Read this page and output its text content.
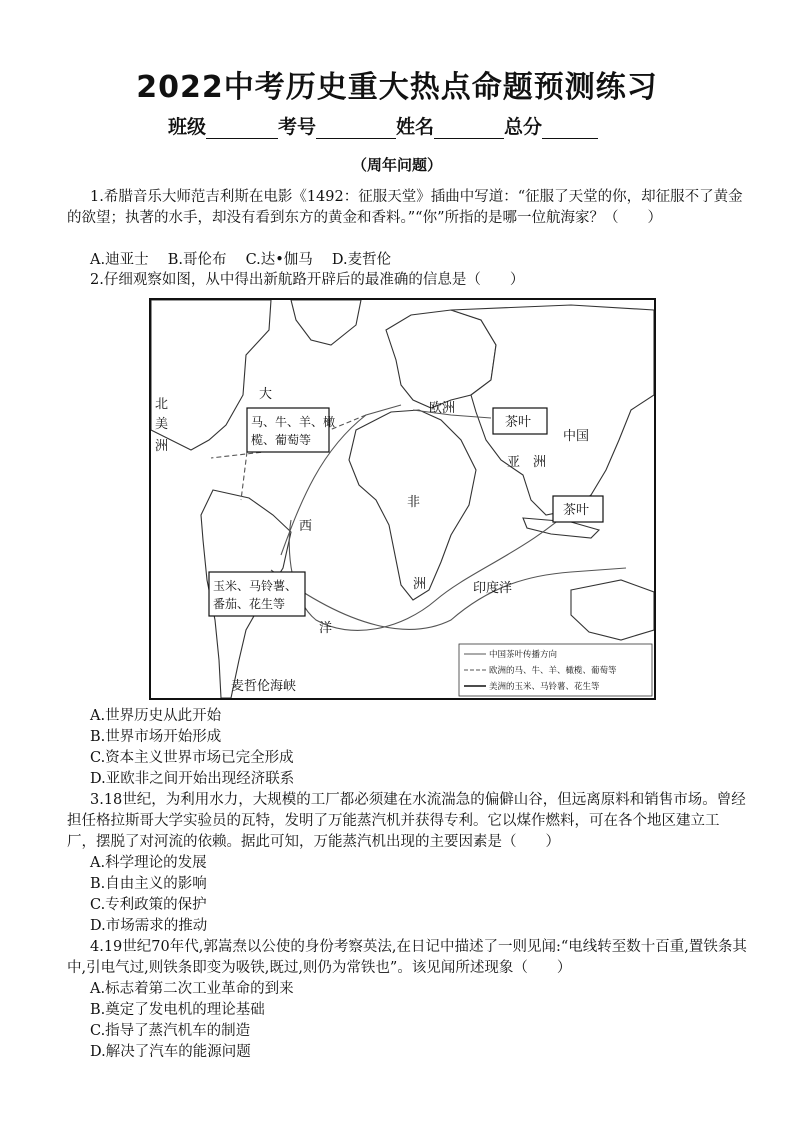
2022中考历史重大热点命题预测练习
班级	考号	姓名	总分
（周年问题）
1.希腊音乐大师范吉利斯在电影《1492：征服天堂》插曲中写道：“征服了天堂的你，却征服不了黄金的欲望；执著的水手，却没有看到东方的黄金和香料。”“你”所指的是哪一位航海家？（　　）
A.迪亚士　 B.哥伦布　 C.达•伽马　 D.麦哲伦
2.仔细观察如图，从中得出新航路开辟后的最准确的信息是（　　）
北
美
洲
大
西
洋
欧洲
中国
亚　洲
非
洲	印度洋
麦哲伦海峡
马、牛、羊、橄
榄、葡萄等
茶叶
茶叶
玉米、马铃薯、
番茄、花生等
中国茶叶传播方向
欧洲的马、牛、羊、橄榄、葡萄等
美洲的玉米、马铃薯、花生等
A.世界历史从此开始
B.世界市场开始形成
C.资本主义世界市场已完全形成
D.亚欧非之间开始出现经济联系
3.18世纪，为利用水力，大规模的工厂都必须建在水流湍急的偏僻山谷，但远离原料和销售市场。曾经担任格拉斯哥大学实验员的瓦特，发明了万能蒸汽机并获得专利。它以煤作燃料，可在各个地区建立工厂，摆脱了对河流的依赖。据此可知，万能蒸汽机出现的主要因素是（　　）
A.科学理论的发展
B.自由主义的影响
C.专利政策的保护
D.市场需求的推动
4.19世纪70年代,郭嵩焘以公使的身份考察英法,在日记中描述了一则见闻:“电线转至数十百重,置铁条其中,引电气过,则铁条即变为吸铁,既过,则仍为常铁也”。该见闻所述现象（　　）
A.标志着第二次工业革命的到来
B.奠定了发电机的理论基础
C.指导了蒸汽机车的制造
D.解决了汽车的能源问题
